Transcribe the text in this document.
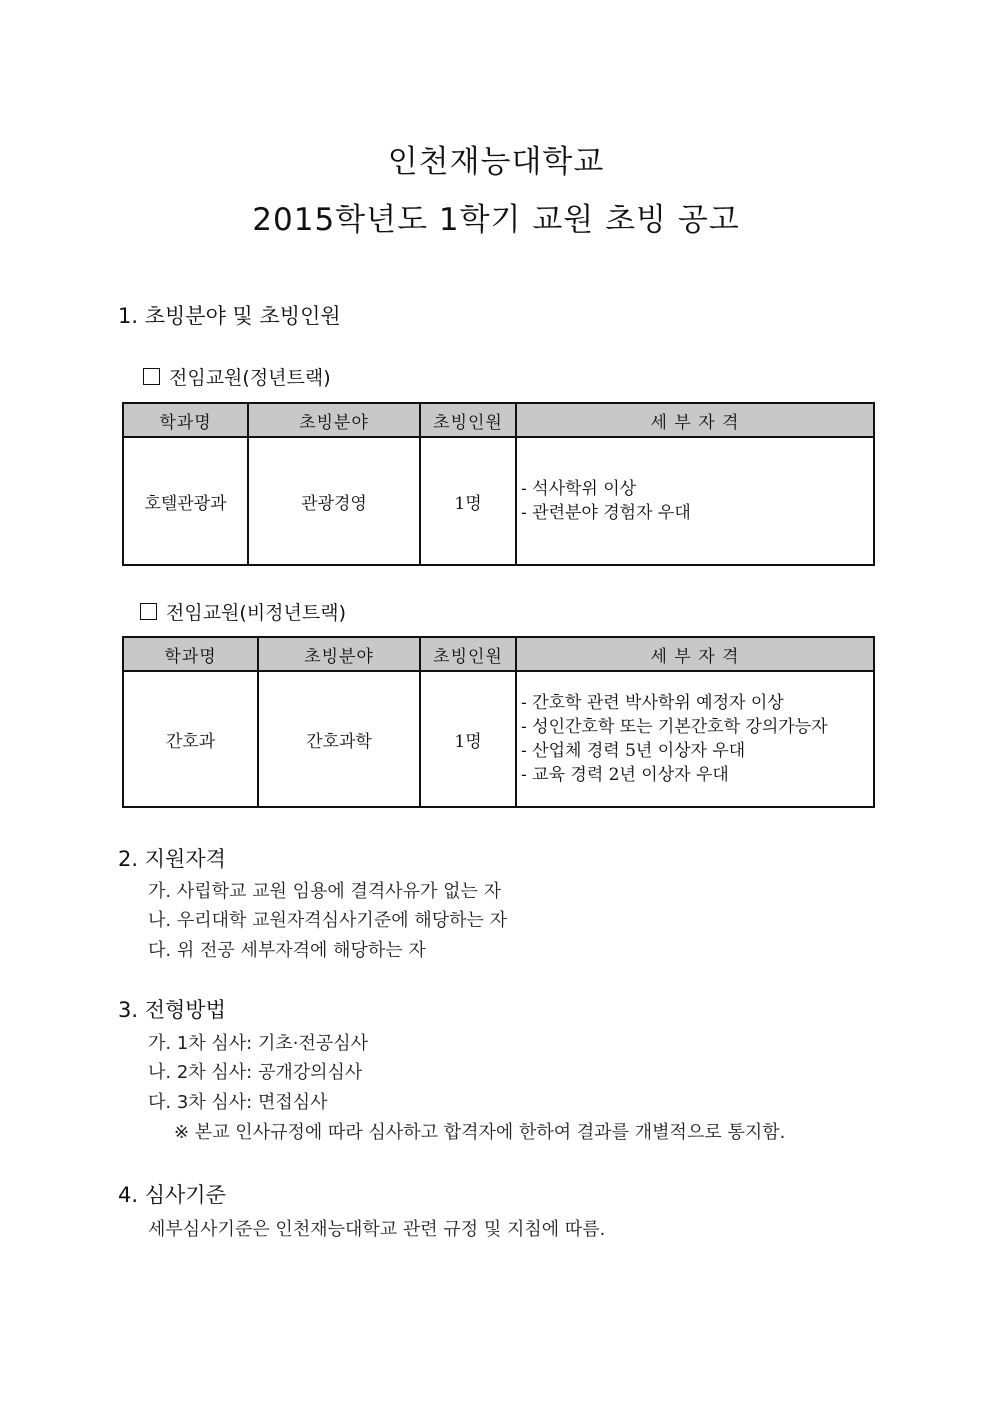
인천재능대학교
2015학년도 1학기 교원 초빙 공고
1. 초빙분야 및 초빙인원
전임교원(정년트랙)
학과명	초빙분야	초빙인원	세 부 자 격
호텔관광과	관광경영	1명	- 석사학위 이상
- 관련분야 경험자 우대
전임교원(비정년트랙)
학과명	초빙분야	초빙인원	세 부 자 격
간호과	간호과학	1명	- 간호학 관련 박사학위 예정자 이상
- 성인간호학 또는 기본간호학 강의가능자
- 산업체 경력 5년 이상자 우대
- 교육 경력 2년 이상자 우대
2. 지원자격
가. 사립학교 교원 임용에 결격사유가 없는 자
나. 우리대학 교원자격심사기준에 해당하는 자
다. 위 전공 세부자격에 해당하는 자
3. 전형방법
가. 1차 심사: 기초·전공심사
나. 2차 심사: 공개강의심사
다. 3차 심사: 면접심사
※ 본교 인사규정에 따라 심사하고 합격자에 한하여 결과를 개별적으로 통지함.
4. 심사기준
세부심사기준은 인천재능대학교 관련 규정 및 지침에 따름.
